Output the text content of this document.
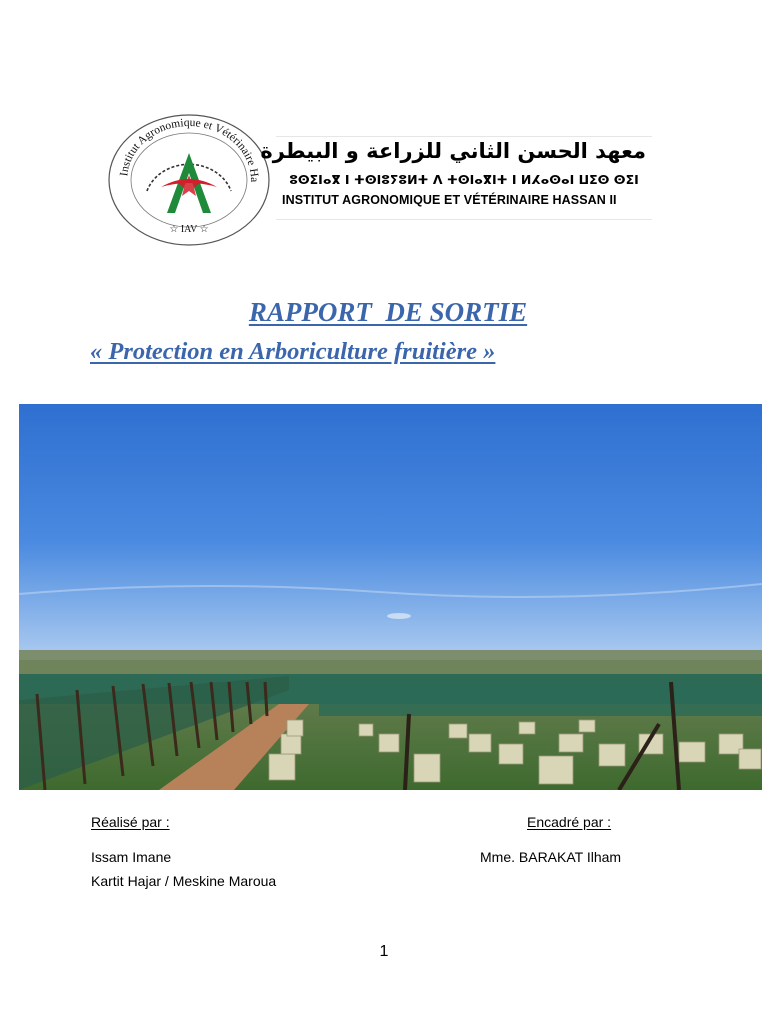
Institut Agronomique et Vétérinaire Ha
☆ IAV ☆
معهد الحسن الثاني للزراعة و البيطرة
ⵓⵙⵉⵏⴰⴳ ⵏ ⵜⵙⵏⵓⵢⵓⵍⵜ ⴷ ⵜⵙⵏⴰⴳⵏⵜ ⵏ ⵍⵃⴰⵙⴰⵏ ⵡⵉⵙ ⵙⵉⵏ
INSTITUT AGRONOMIQUE ET VÉTÉRINAIRE HASSAN II
RAPPORT  DE SORTIE
« Protection en Arboriculture fruitière »
Réalisé par :	Encadré par :
Issam Imane
Kartit Hajar / Meskine Maroua
Mme. BARAKAT Ilham
1
